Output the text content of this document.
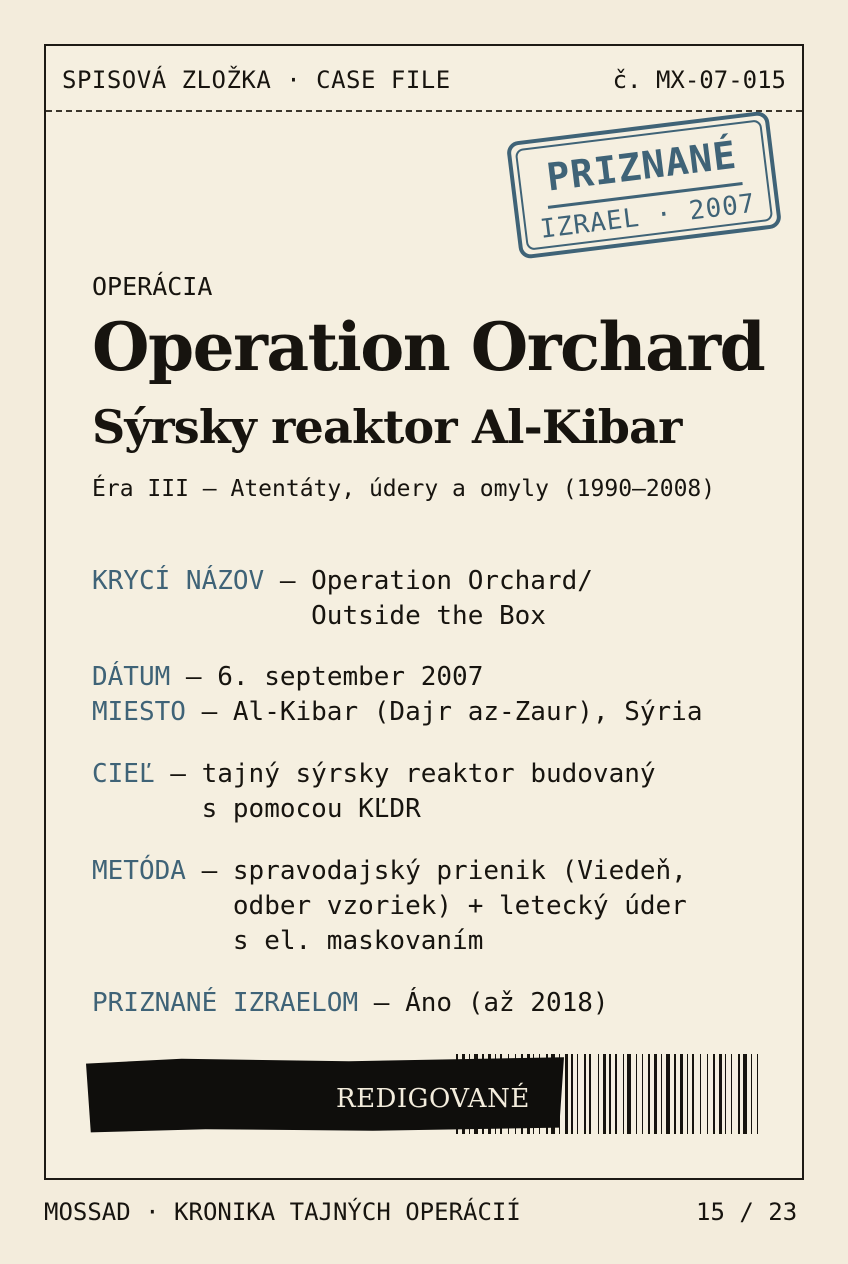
SPISOVÁ ZLOŽKA · CASE FILE	č. MX-07-015
PRIZNANÉ
IZRAEL · 2007
OPERÁCIA
Operation Orchard
Sýrsky reaktor Al-Kibar
Éra III — Atentáty, údery a omyly (1990–2008)
KRYCÍ NÁZOV — Operation Orchard/
Outside the Box
DÁTUM — 6. september 2007
MIESTO — Al-Kibar (Dajr az-Zaur), Sýria
CIEĽ — tajný sýrsky reaktor budovaný
s pomocou KĽDR
METÓDA — spravodajský prienik (Viedeň,
odber vzoriek) + letecký úder
s el. maskovaním
PRIZNANÉ IZRAELOM — Áno (až 2018)
REDIGOVANÉ
MOSSAD · KRONIKA TAJNÝCH OPERÁCIÍ	15 / 23
